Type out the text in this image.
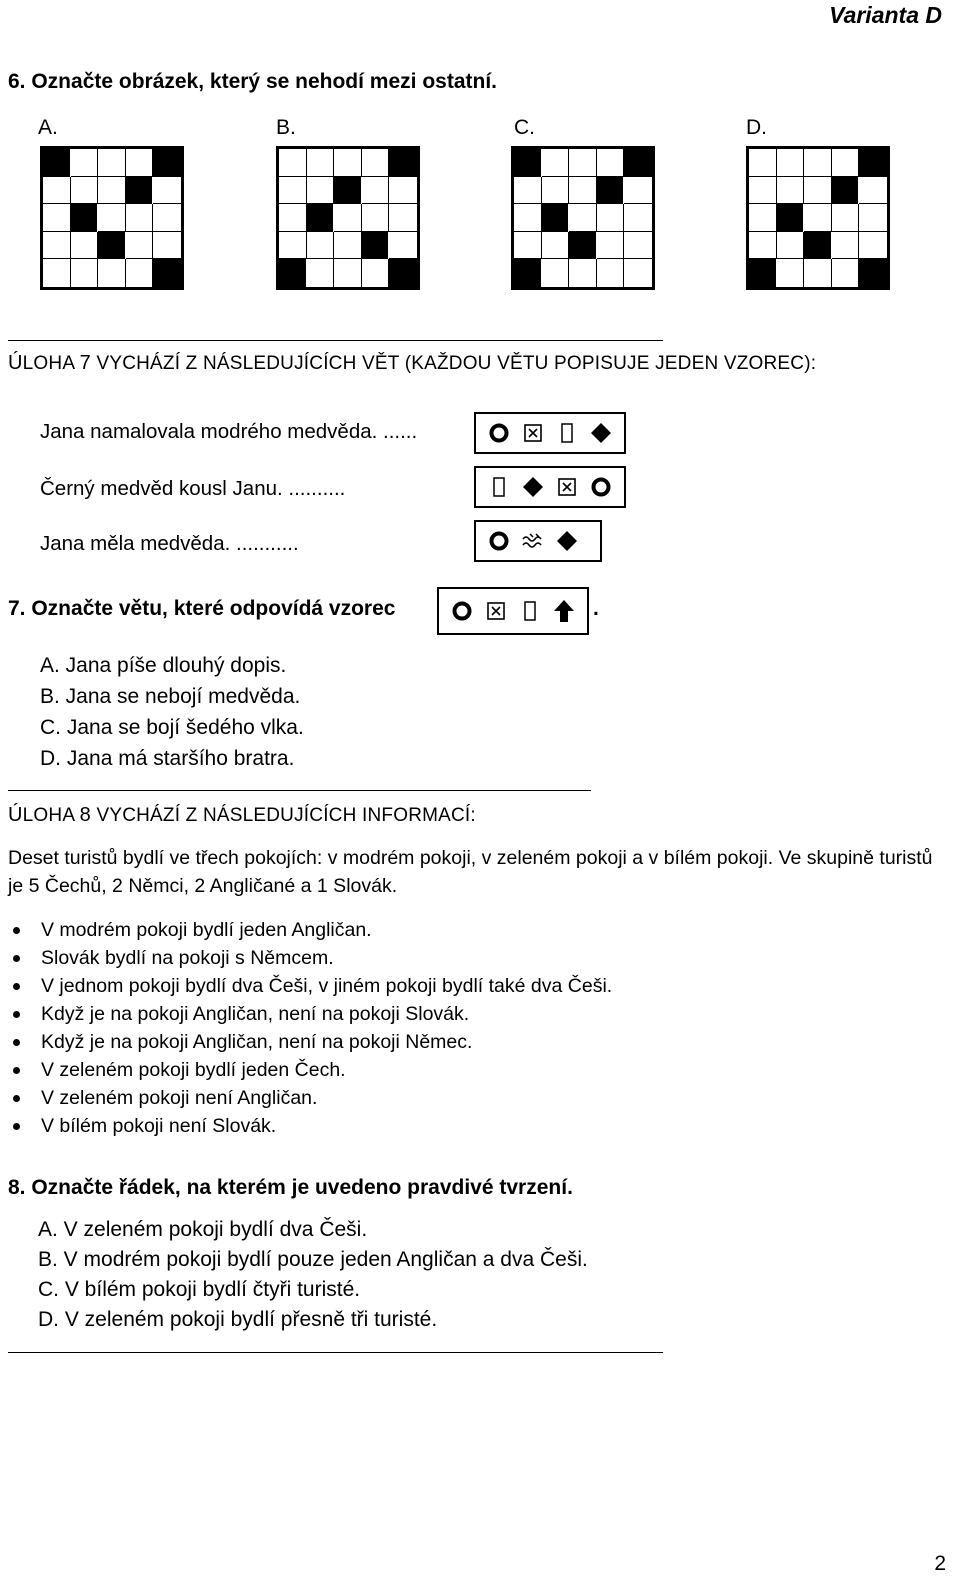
Varianta D
6. Označte obrázek, který se nehodí mezi ostatní.
A.	B.	C.	D.
ÚLOHA 7 VYCHÁZÍ Z NÁSLEDUJÍCÍCH VĚT (KAŽDOU VĚTU POPISUJE JEDEN VZOREC):
Jana namalovala modrého medvěda. ......
Černý medvěd kousl Janu. ..........
Jana měla medvěda. ...........
7. Označte větu, které odpovídá vzorec	.
A. Jana píše dlouhý dopis.
B. Jana se nebojí medvěda.
C. Jana se bojí šedého vlka.
D. Jana má staršího bratra.
ÚLOHA 8 VYCHÁZÍ Z NÁSLEDUJÍCÍCH INFORMACÍ:
Deset turistů bydlí ve třech pokojích: v modrém pokoji, v zeleném pokoji a v bílém pokoji. Ve skupině turistů je 5 Čechů, 2 Němci, 2 Angličané a 1 Slovák.
V modrém pokoji bydlí jeden Angličan.
Slovák bydlí na pokoji s Němcem.
V jednom pokoji bydlí dva Češi, v jiném pokoji bydlí také dva Češi.
Když je na pokoji Angličan, není na pokoji Slovák.
Když je na pokoji Angličan, není na pokoji Němec.
V zeleném pokoji bydlí jeden Čech.
V zeleném pokoji není Angličan.
V bílém pokoji není Slovák.
8. Označte řádek, na kterém je uvedeno pravdivé tvrzení.
A. V zeleném pokoji bydlí dva Češi.
B. V modrém pokoji bydlí pouze jeden Angličan a dva Češi.
C. V bílém pokoji bydlí čtyři turisté.
D. V zeleném pokoji bydlí přesně tři turisté.
2
